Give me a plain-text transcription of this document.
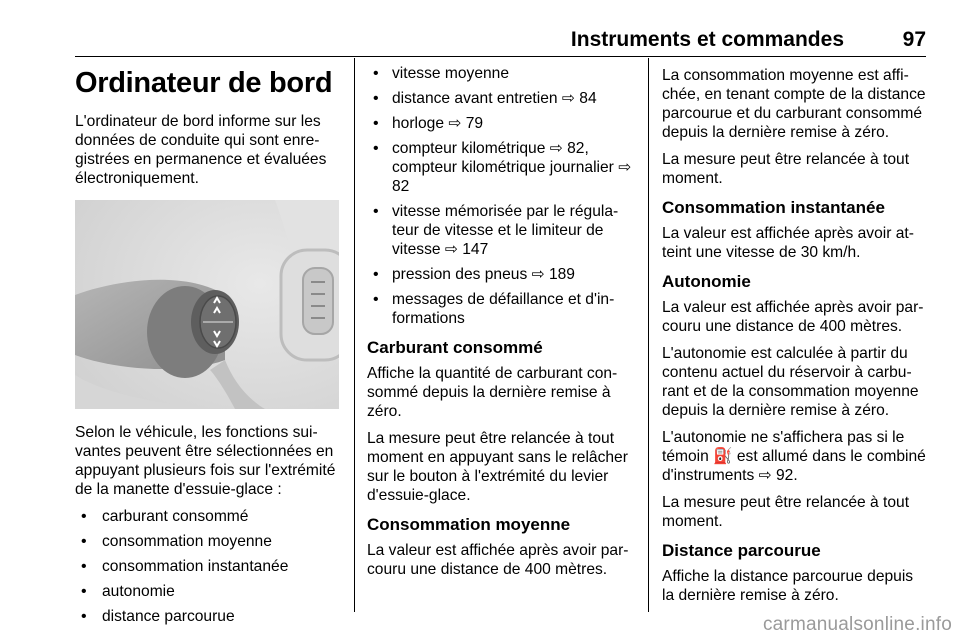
Instruments et commandes	97
Ordinateur de bord

L'ordinateur de bord informe sur les données de conduite qui sont enregistrées en permanence et évaluées électroniquement.

Selon le véhicule, les fonctions suivantes peuvent être sélectionnées en appuyant plusieurs fois sur l'extrémité de la manette d'essuie-glace :

• carburant consommé
• consommation moyenne
• consommation instantanée
• autonomie
• distance parcourue
• vitesse moyenne
• distance avant entretien ⇨ 84
• horloge ⇨ 79
• compteur kilométrique ⇨ 82, compteur kilométrique journalier ⇨ 82
• vitesse mémorisée par le régulateur de vitesse et le limiteur de vitesse ⇨ 147
• pression des pneus ⇨ 189
• messages de défaillance et d'informations
Carburant consommé

Affiche la quantité de carburant consommé depuis la dernière remise à zéro.

La mesure peut être relancée à tout moment en appuyant sans le relâcher sur le bouton à l'extrémité du levier d'essuie-glace.

Consommation moyenne

La valeur est affichée après avoir parcouru une distance de 400 mètres.

La consommation moyenne est affichée, en tenant compte de la distance parcourue et du carburant consommé depuis la dernière remise à zéro.

La mesure peut être relancée à tout moment.

Consommation instantanée

La valeur est affichée après avoir atteint une vitesse de 30 km/h.

Autonomie

La valeur est affichée après avoir parcouru une distance de 400 mètres.

L'autonomie est calculée à partir du contenu actuel du réservoir à carburant et de la consommation moyenne depuis la dernière remise à zéro.

L'autonomie ne s'affichera pas si le témoin ⛽ est allumé dans le combiné d'instruments ⇨ 92.

La mesure peut être relancée à tout moment.

Distance parcourue

Affiche la distance parcourue depuis la dernière remise à zéro.

carmanualsonline.info
